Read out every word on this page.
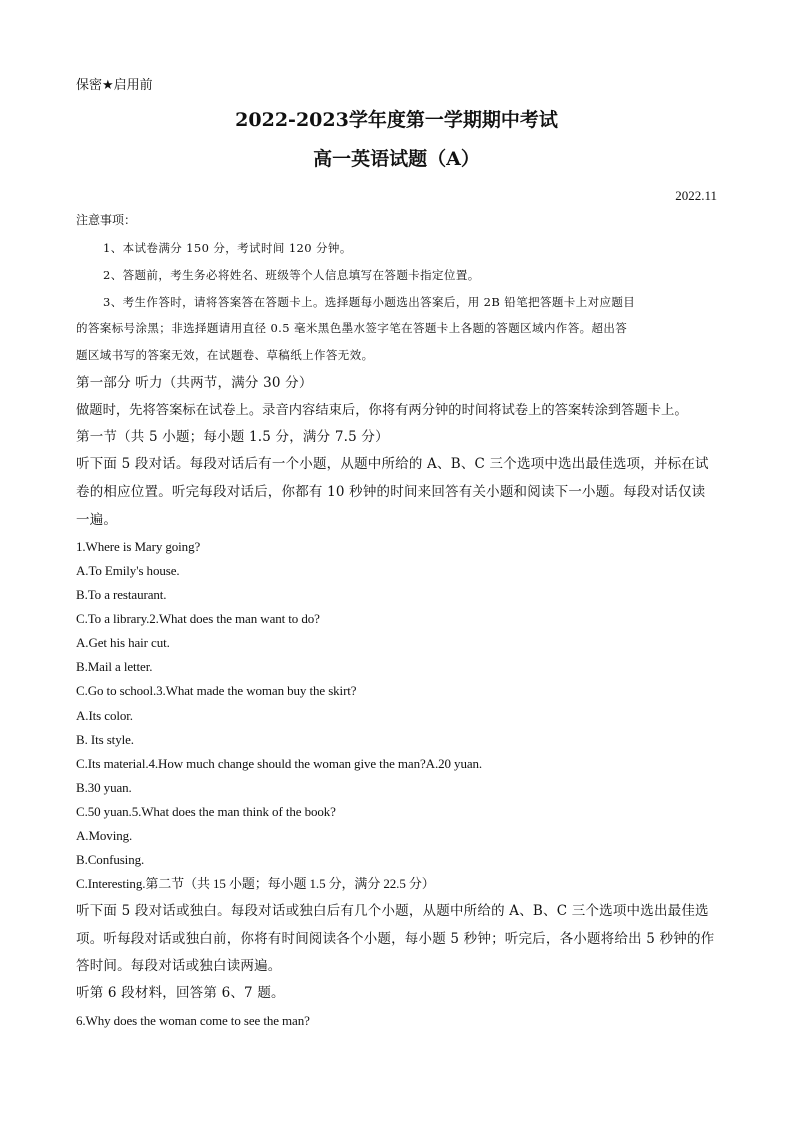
保密★启用前
2022-2023学年度第一学期期中考试
高一英语试题（A）
2022.11
注意事项：
1、本试卷满分 150 分，考试时间 120 分钟。
2、答题前，考生务必将姓名、班级等个人信息填写在答题卡指定位置。
3、考生作答时，请将答案答在答题卡上。选择题每小题选出答案后，用 2B 铅笔把答题卡上对应题目
的答案标号涂黑；非选择题请用直径 0.5 毫米黑色墨水签字笔在答题卡上各题的答题区域内作答。超出答
题区域书写的答案无效，在试题卷、草稿纸上作答无效。
第一部分 听力（共两节，满分 30 分）
做题时，先将答案标在试卷上。录音内容结束后，你将有两分钟的时间将试卷上的答案转涂到答题卡上。
第一节（共 5 小题；每小题 1.5 分，满分 7.5 分）
听下面 5 段对话。每段对话后有一个小题，从题中所给的 A、B、C 三个选项中选出最佳选项，并标在试
卷的相应位置。听完每段对话后，你都有 10 秒钟的时间来回答有关小题和阅读下一小题。每段对话仅读
一遍。
1.Where is Mary going?
A.To Emily's house.
B.To a restaurant.
C.To a library.2.What does the man want to do?
A.Get his hair cut.
B.Mail a letter.
C.Go to school.3.What made the woman buy the skirt?
A.Its color.
B. Its style.
C.Its material.4.How much change should the woman give the man?A.20 yuan.
B.30 yuan.
C.50 yuan.5.What does the man think of the book?
A.Moving.
B.Confusing.
C.Interesting.第二节（共 15 小题；每小题 1.5 分，满分 22.5 分）
听下面 5 段对话或独白。每段对话或独白后有几个小题，从题中所给的 A、B、C 三个选项中选出最佳选
项。听每段对话或独白前，你将有时间阅读各个小题，每小题 5 秒钟；听完后，各小题将给出 5 秒钟的作
答时间。每段对话或独白读两遍。
听第 6 段材料，回答第 6、7 题。
6.Why does the woman come to see the man?
